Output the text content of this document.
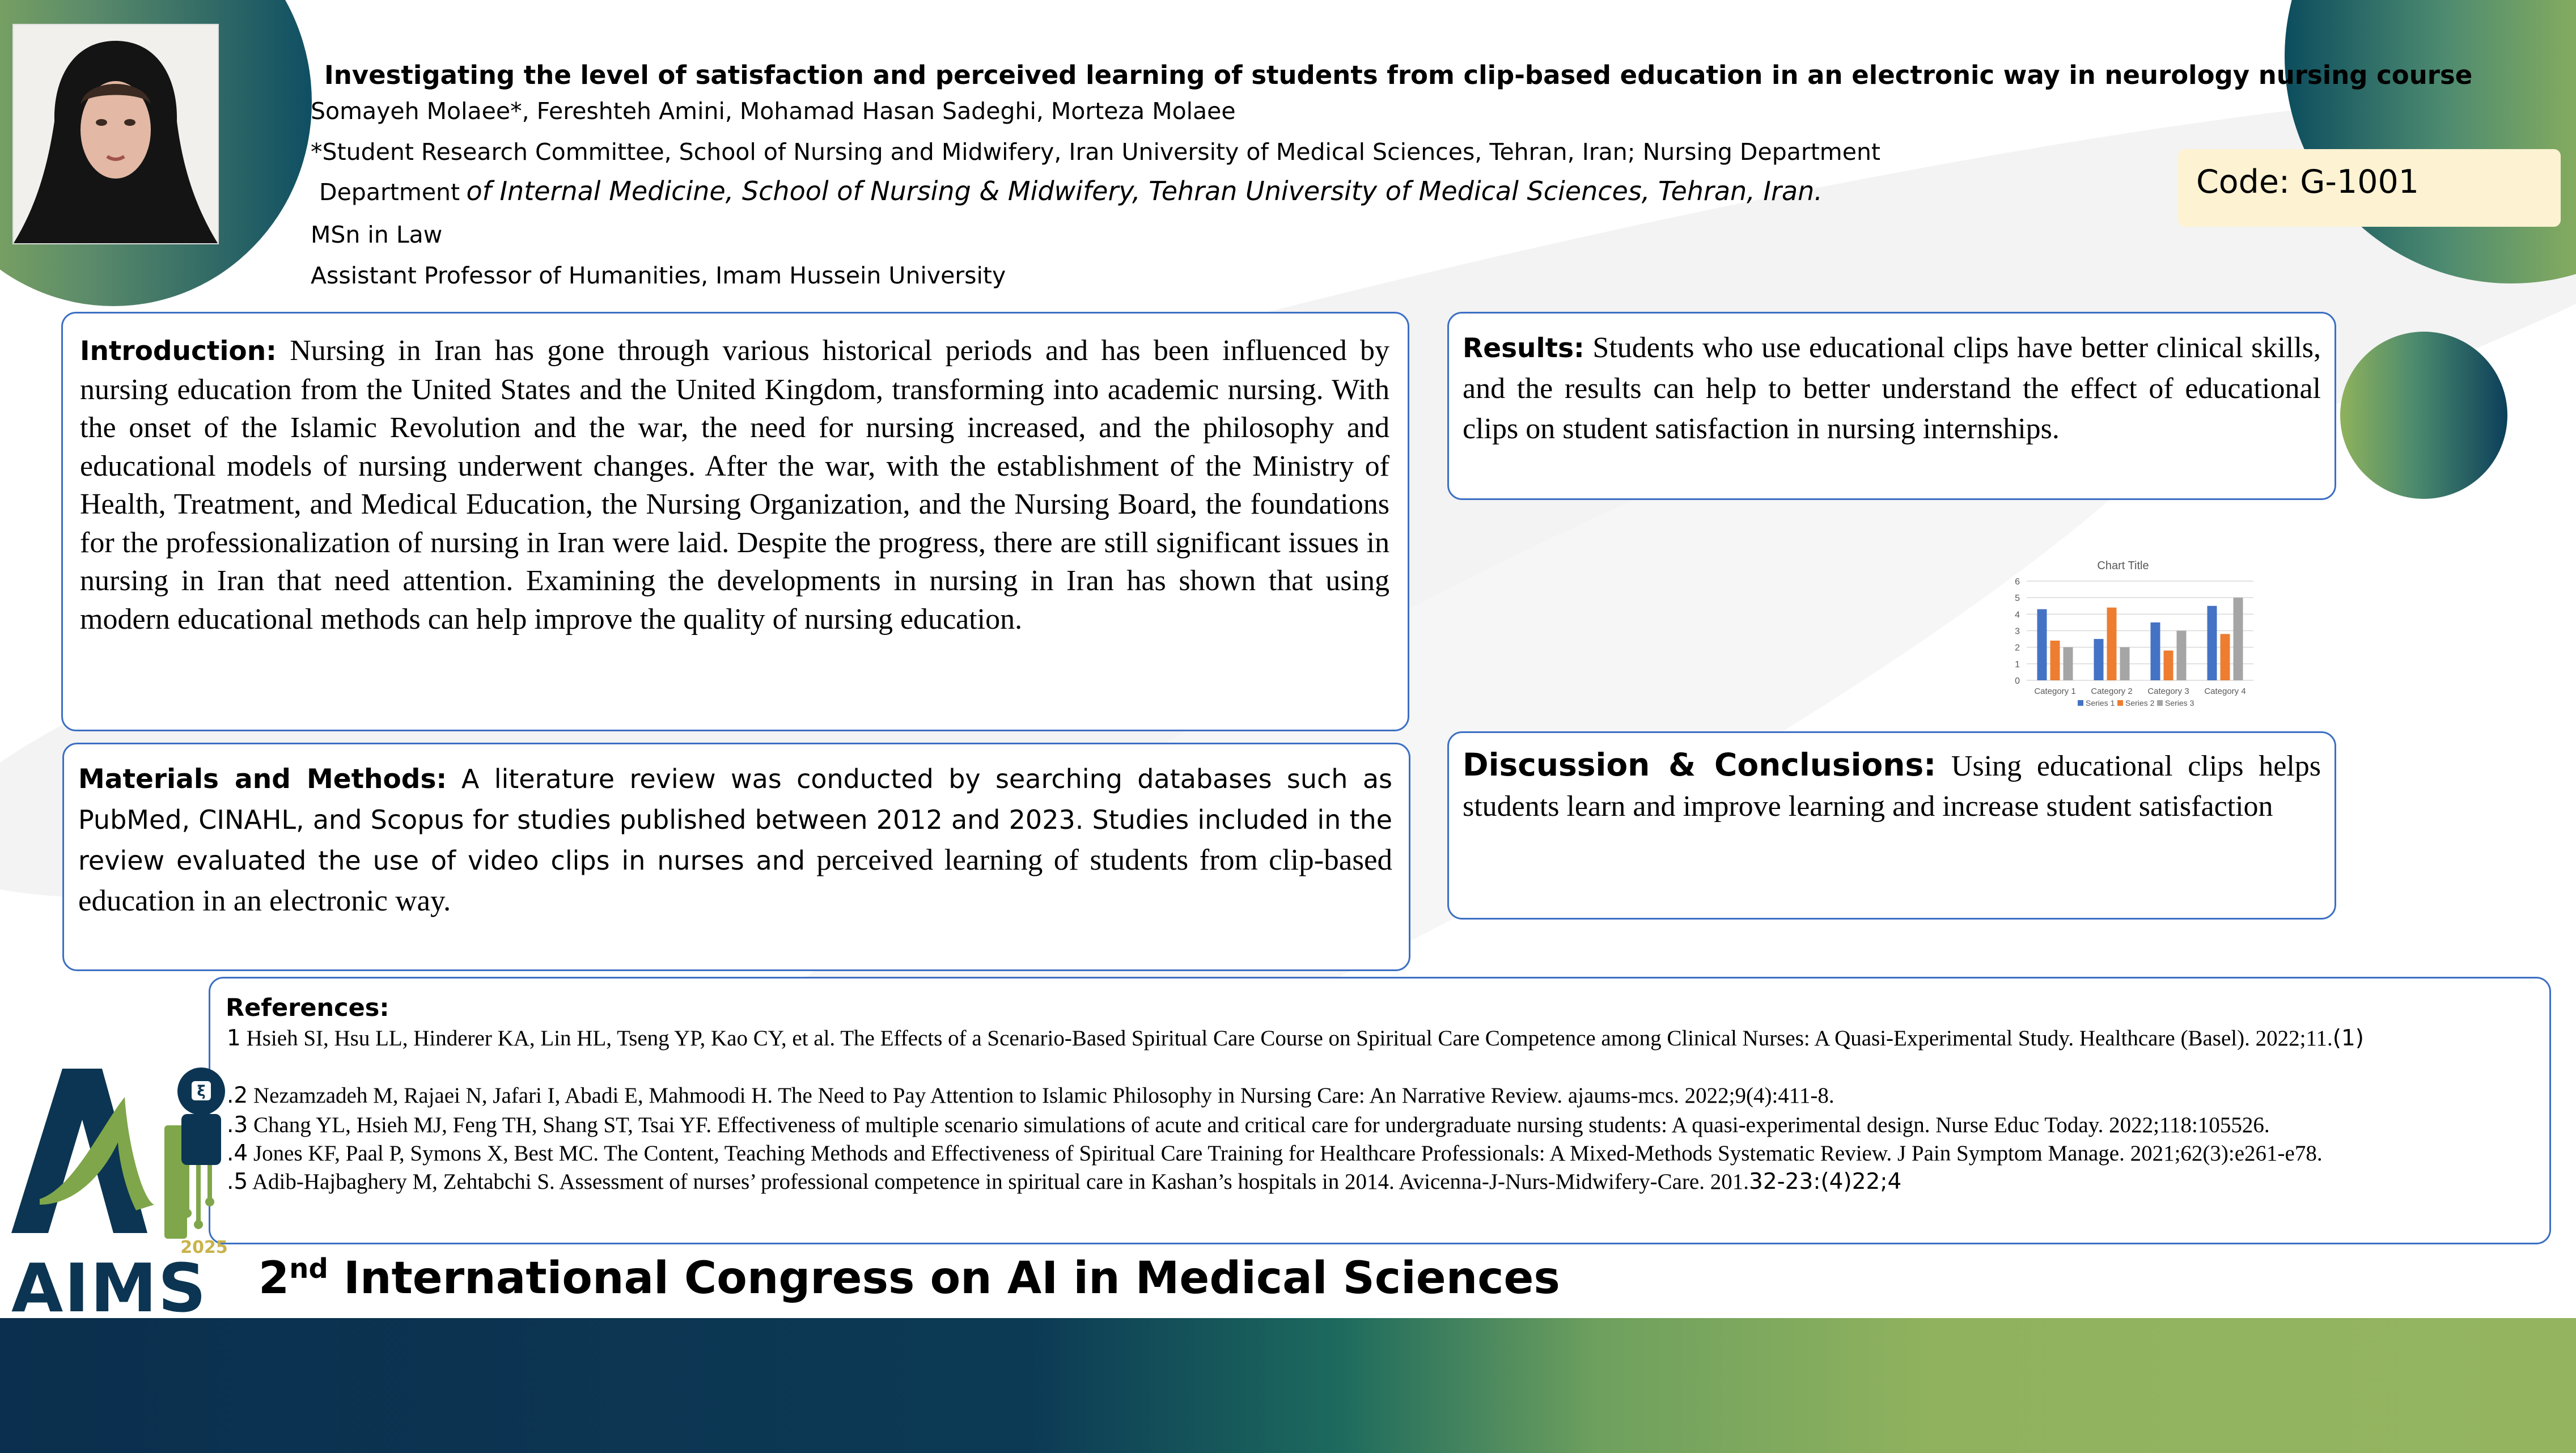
Investigating the level of satisfaction and perceived learning of students from clip-based education in an electronic way in neurology nursing course
Somayeh Molaee*, Fereshteh Amini, Mohamad Hasan Sadeghi, Morteza Molaee
*Student Research Committee, School of Nursing and Midwifery, Iran University of Medical Sciences, Tehran, Iran; Nursing Department
Department of Internal Medicine, School of Nursing & Midwifery, Tehran University of Medical Sciences, Tehran, Iran.
MSn in Law
Assistant Professor of Humanities, Imam Hussein University
Code: G-1001
Introduction: Nursing in Iran has gone through various historical periods and has been influenced by nursing education from the United States and the United Kingdom, transforming into academic nursing. With the onset of the Islamic Revolution and the war, the need for nursing increased, and the philosophy and educational models of nursing underwent changes. After the war, with the establishment of the Ministry of Health, Treatment, and Medical Education, the Nursing Organization, and the Nursing Board, the foundations for the professionalization of nursing in Iran were laid. Despite the progress, there are still significant issues in nursing in Iran that need attention. Examining the developments in nursing in Iran has shown that using modern educational methods can help improve the quality of nursing education.
Materials and Methods: A literature review was conducted by searching databases such as PubMed, CINAHL, and Scopus for studies published between 2012 and 2023. Studies included in the review evaluated the use of video clips in nurses and perceived learning of students from clip-based education in an electronic way.
Results: Students who use educational clips have better clinical skills, and the results can help to better understand the effect of educational clips on student satisfaction in nursing internships.
Chart Title
0
1
2
3
4
5
6
Category 1 Category 2 Category 3 Category 4
Series 1 Series 2 Series 3
Discussion & Conclusions: Using educational clips helps students learn and improve learning and increase student satisfaction
References:
1 Hsieh SI, Hsu LL, Hinderer KA, Lin HL, Tseng YP, Kao CY, et al. The Effects of a Scenario-Based Spiritual Care Course on Spiritual Care Competence among Clinical Nurses: A Quasi-Experimental Study. Healthcare (Basel). 2022;11.(1)
.2 Nezamzadeh M, Rajaei N, Jafari I, Abadi E, Mahmoodi H. The Need to Pay Attention to Islamic Philosophy in Nursing Care: An Narrative Review. ajaums-mcs. 2022;9(4):411-8.
.3 Chang YL, Hsieh MJ, Feng TH, Shang ST, Tsai YF. Effectiveness of multiple scenario simulations of acute and critical care for undergraduate nursing students: A quasi-experimental design. Nurse Educ Today. 2022;118:105526.
.4 Jones KF, Paal P, Symons X, Best MC. The Content, Teaching Methods and Effectiveness of Spiritual Care Training for Healthcare Professionals: A Mixed-Methods Systematic Review. J Pain Symptom Manage. 2021;62(3):e261-e78.
.5 Adib-Hajbaghery M, Zehtabchi S. Assessment of nurses’ professional competence in spiritual care in Kashan’s hospitals in 2014. Avicenna-J-Nurs-Midwifery-Care. 201.32-23:(4)22;4
ξ
2025
AIMS 2nd International Congress on AI in Medical Sciences
